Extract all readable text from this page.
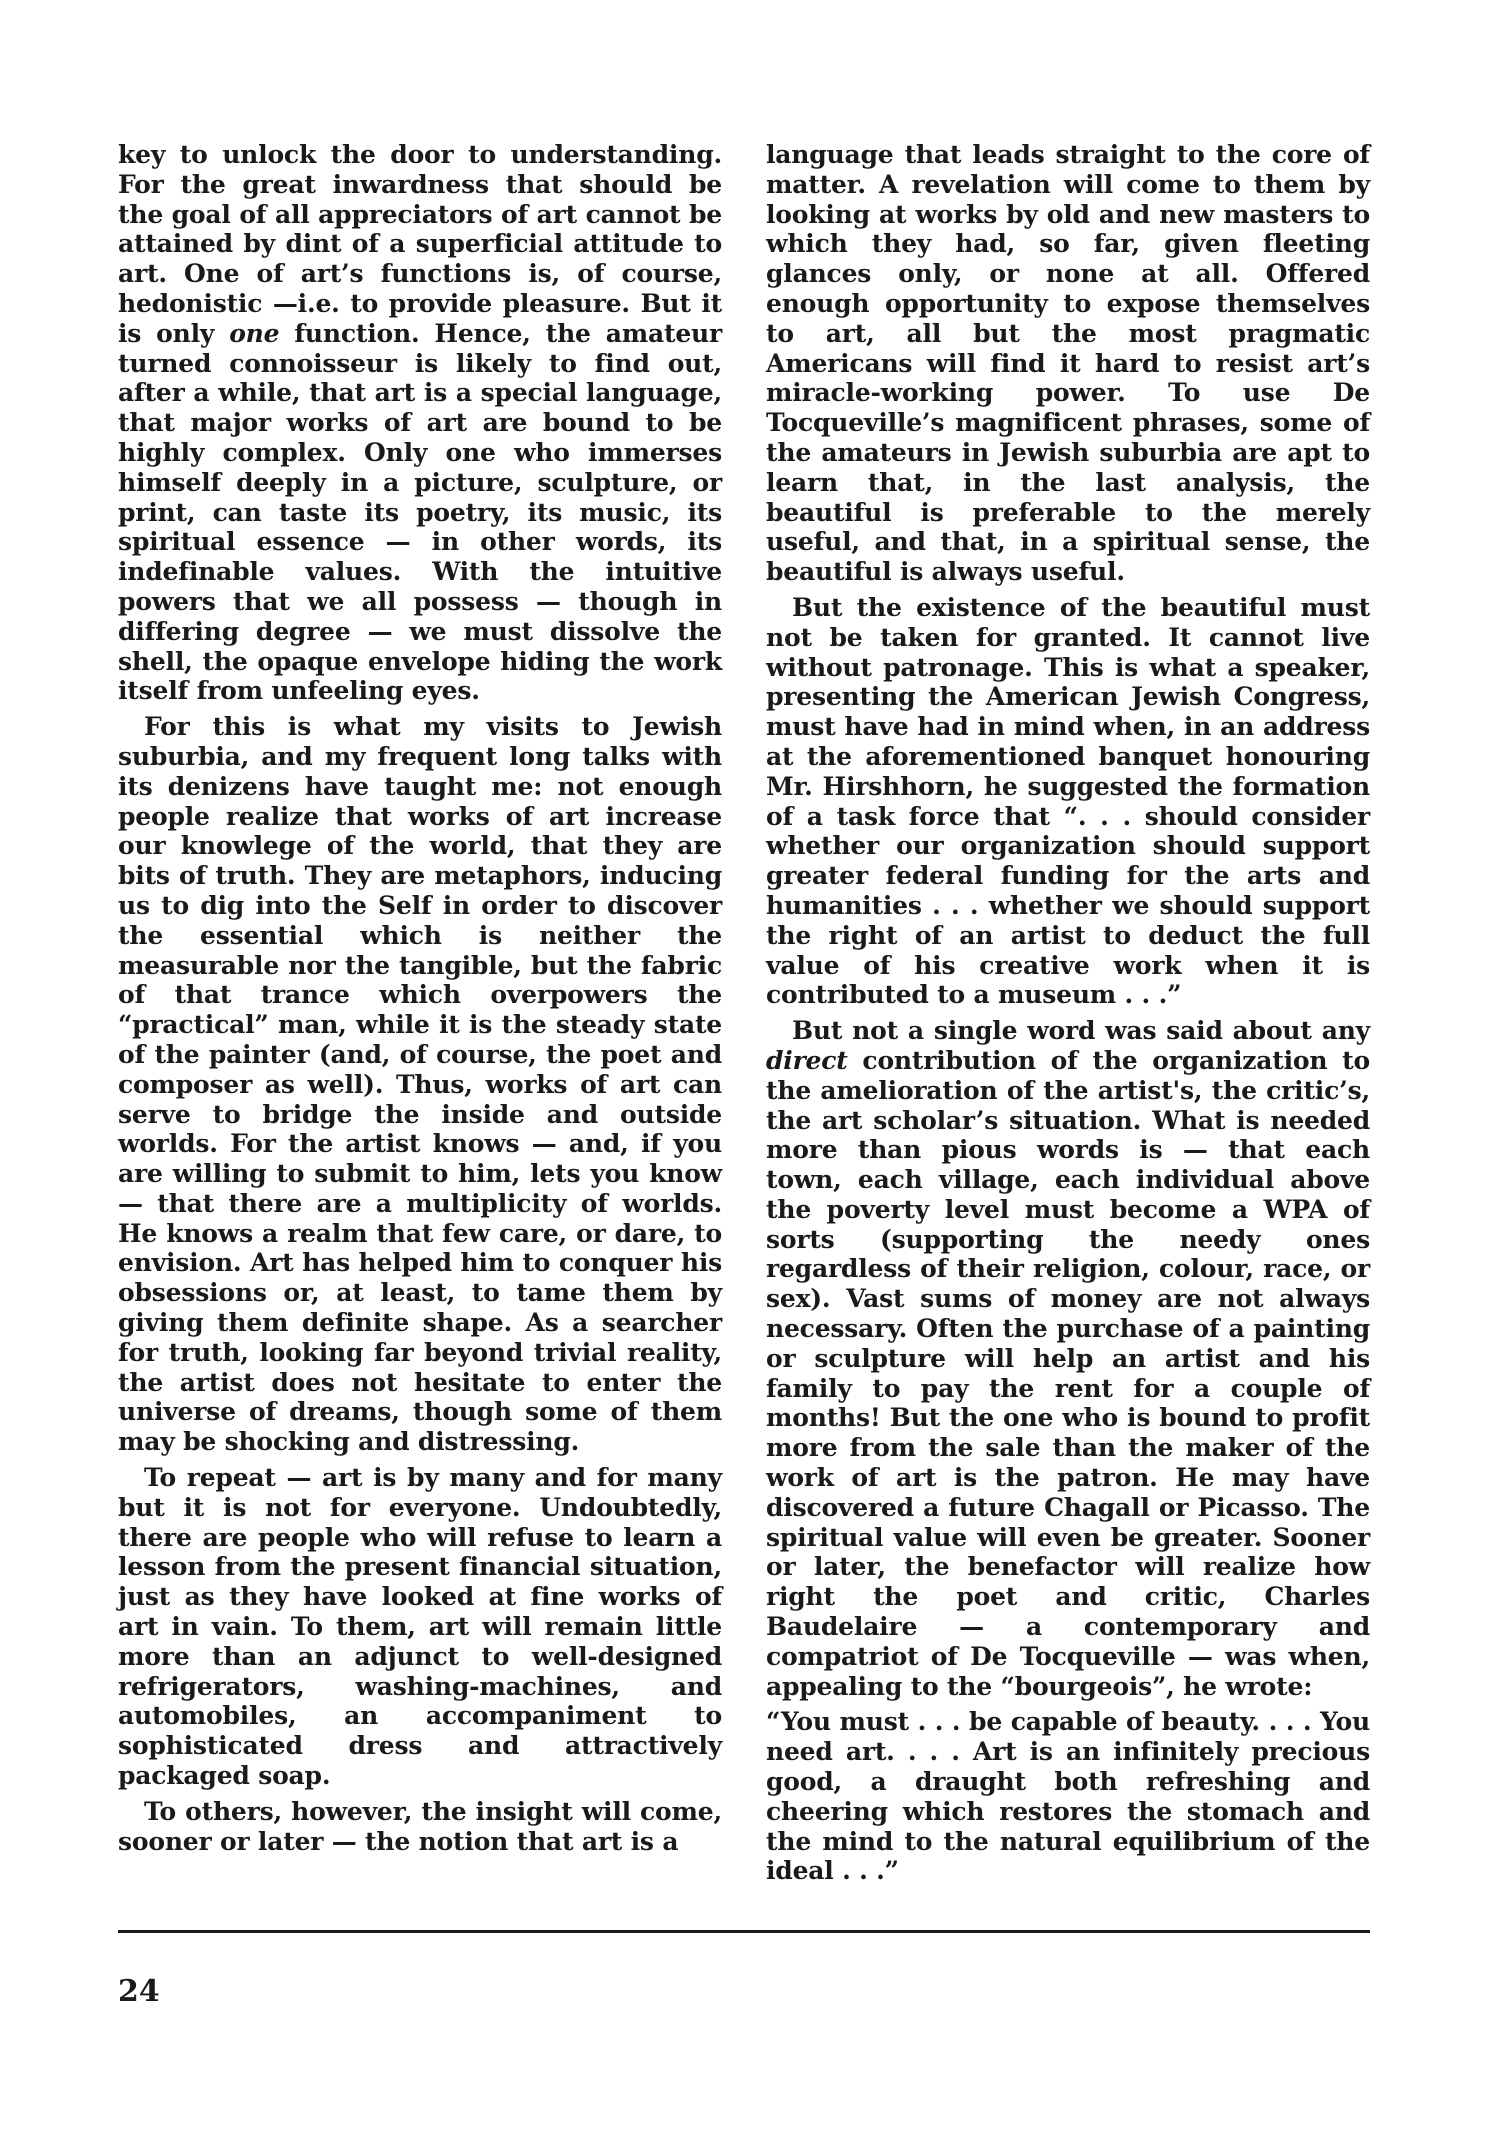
key to unlock the door to understanding. For the great inwardness that should be the goal of all appreciators of art cannot be attained by dint of a superficial attitude to art. One of art’s functions is, of course, hedonistic —i.e. to provide pleasure. But it is only one function. Hence, the amateur turned connoisseur is likely to find out, after a while, that art is a special language, that major works of art are bound to be highly complex. Only one who immerses himself deeply in a picture, sculpture, or print, can taste its poetry, its music, its spiritual essence — in other words, its indefinable values. With the intuitive powers that we all possess — though in differing degree — we must dissolve the shell, the opaque envelope hiding the work itself from unfeeling eyes.

For this is what my visits to Jewish suburbia, and my frequent long talks with its denizens have taught me: not enough people realize that works of art increase our knowlege of the world, that they are bits of truth. They are metaphors, inducing us to dig into the Self in order to discover the essential which is neither the measurable nor the tangible, but the fabric of that trance which overpowers the “practical” man, while it is the steady state of the painter (and, of course, the poet and composer as well). Thus, works of art can serve to bridge the inside and outside worlds. For the artist knows — and, if you are willing to submit to him, lets you know — that there are a multiplicity of worlds. He knows a realm that few care, or dare, to envision. Art has helped him to conquer his obsessions or, at least, to tame them by giving them definite shape. As a searcher for truth, looking far beyond trivial reality, the artist does not hesitate to enter the universe of dreams, though some of them may be shocking and distressing.

To repeat — art is by many and for many but it is not for everyone. Undoubtedly, there are people who will refuse to learn a lesson from the present financial situation, just as they have looked at fine works of art in vain. To them, art will remain little more than an adjunct to well-designed refrigerators, washing-machines, and automobiles, an accompaniment to sophisticated dress and attractively packaged soap.

To others, however, the insight will come, sooner or later — the notion that art is a

language that leads straight to the core of matter. A revelation will come to them by looking at works by old and new masters to which they had, so far, given fleeting glances only, or none at all. Offered enough opportunity to expose themselves to art, all but the most pragmatic Americans will find it hard to resist art’s miracle-working power. To use De Tocqueville’s magnificent phrases, some of the amateurs in Jewish suburbia are apt to learn that, in the last analysis, the beautiful is preferable to the merely useful, and that, in a spiritual sense, the beautiful is always useful.

But the existence of the beautiful must not be taken for granted. It cannot live without patronage. This is what a speaker, presenting the American Jewish Congress, must have had in mind when, in an address at the aforementioned banquet honouring Mr. Hirshhorn, he suggested the formation of a task force that “. . . should consider whether our organization should support greater federal funding for the arts and humanities . . . whether we should support the right of an artist to deduct the full value of his creative work when it is contributed to a museum . . .”

But not a single word was said about any direct contribution of the organization to the amelioration of the artist's, the critic’s, the art scholar’s situation. What is needed more than pious words is — that each town, each village, each individual above the poverty level must become a WPA of sorts (supporting the needy ones regardless of their religion, colour, race, or sex). Vast sums of money are not always necessary. Often the purchase of a painting or sculpture will help an artist and his family to pay the rent for a couple of months! But the one who is bound to profit more from the sale than the maker of the work of art is the patron. He may have discovered a future Chagall or Picasso. The spiritual value will even be greater. Sooner or later, the benefactor will realize how right the poet and critic, Charles Baudelaire — a contemporary and compatriot of De Tocqueville — was when, appealing to the “bourgeois”, he wrote:

“You must . . . be capable of beauty. . . . You need art. . . . Art is an infinitely precious good, a draught both refreshing and cheering which restores the stomach and the mind to the natural equilibrium of the ideal . . .”

24
